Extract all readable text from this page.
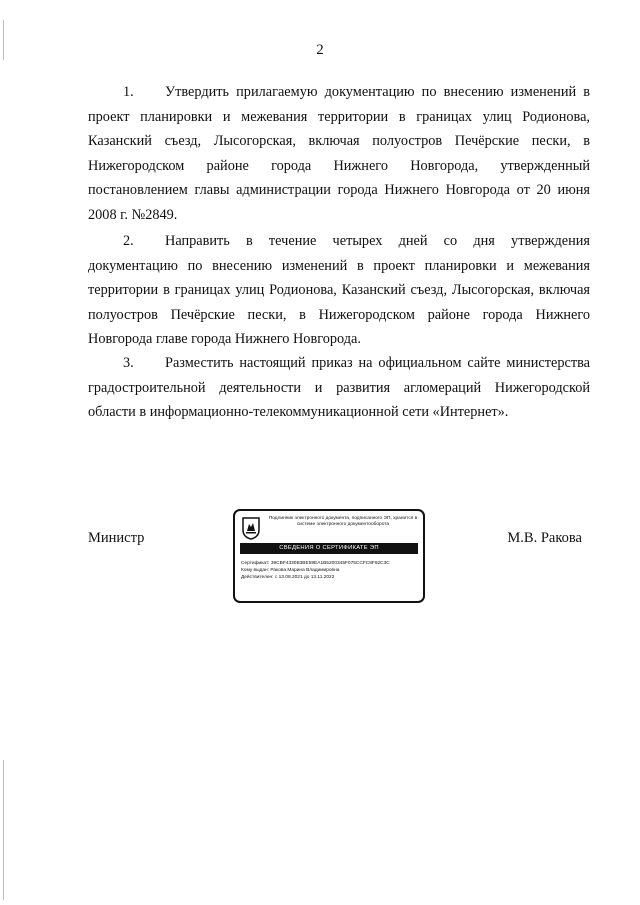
2

1. Утвердить прилагаемую документацию по внесению изменений в проект планировки и межевания территории в границах улиц Родионова, Казанский съезд, Лысогорская, включая полуостров Печёрские пески, в Нижегородском районе города Нижнего Новгорода, утвержденный постановлением главы администрации города Нижнего Новгорода от 20 июня 2008 г. №2849.

2. Направить в течение четырех дней со дня утверждения документацию по внесению изменений в проект планировки и межевания территории в границах улиц Родионова, Казанский съезд, Лысогорская, включая полуостров Печёрские пески, в Нижегородском районе города Нижнего Новгорода главе города Нижнего Новгорода.

3. Разместить настоящий приказ на официальном сайте министерства градостроительной деятельности и развития агломераций Нижегородской области в информационно-телекоммуникационной сети «Интернет».

Министр
Подлинник электронного документа, подписанного ЭП, хранится в системе электронного документооборота
СВЕДЕНИЯ О СЕРТИФИКАТЕ ЭП
Сертификат: 39CBF4330B3BE59EA1B5200345F075CCFC8F92C3C
Кому выдан: Ракова Марина Владимировна
Действителен: с 13.08.2021 до 13.11.2022
М.В. Ракова
